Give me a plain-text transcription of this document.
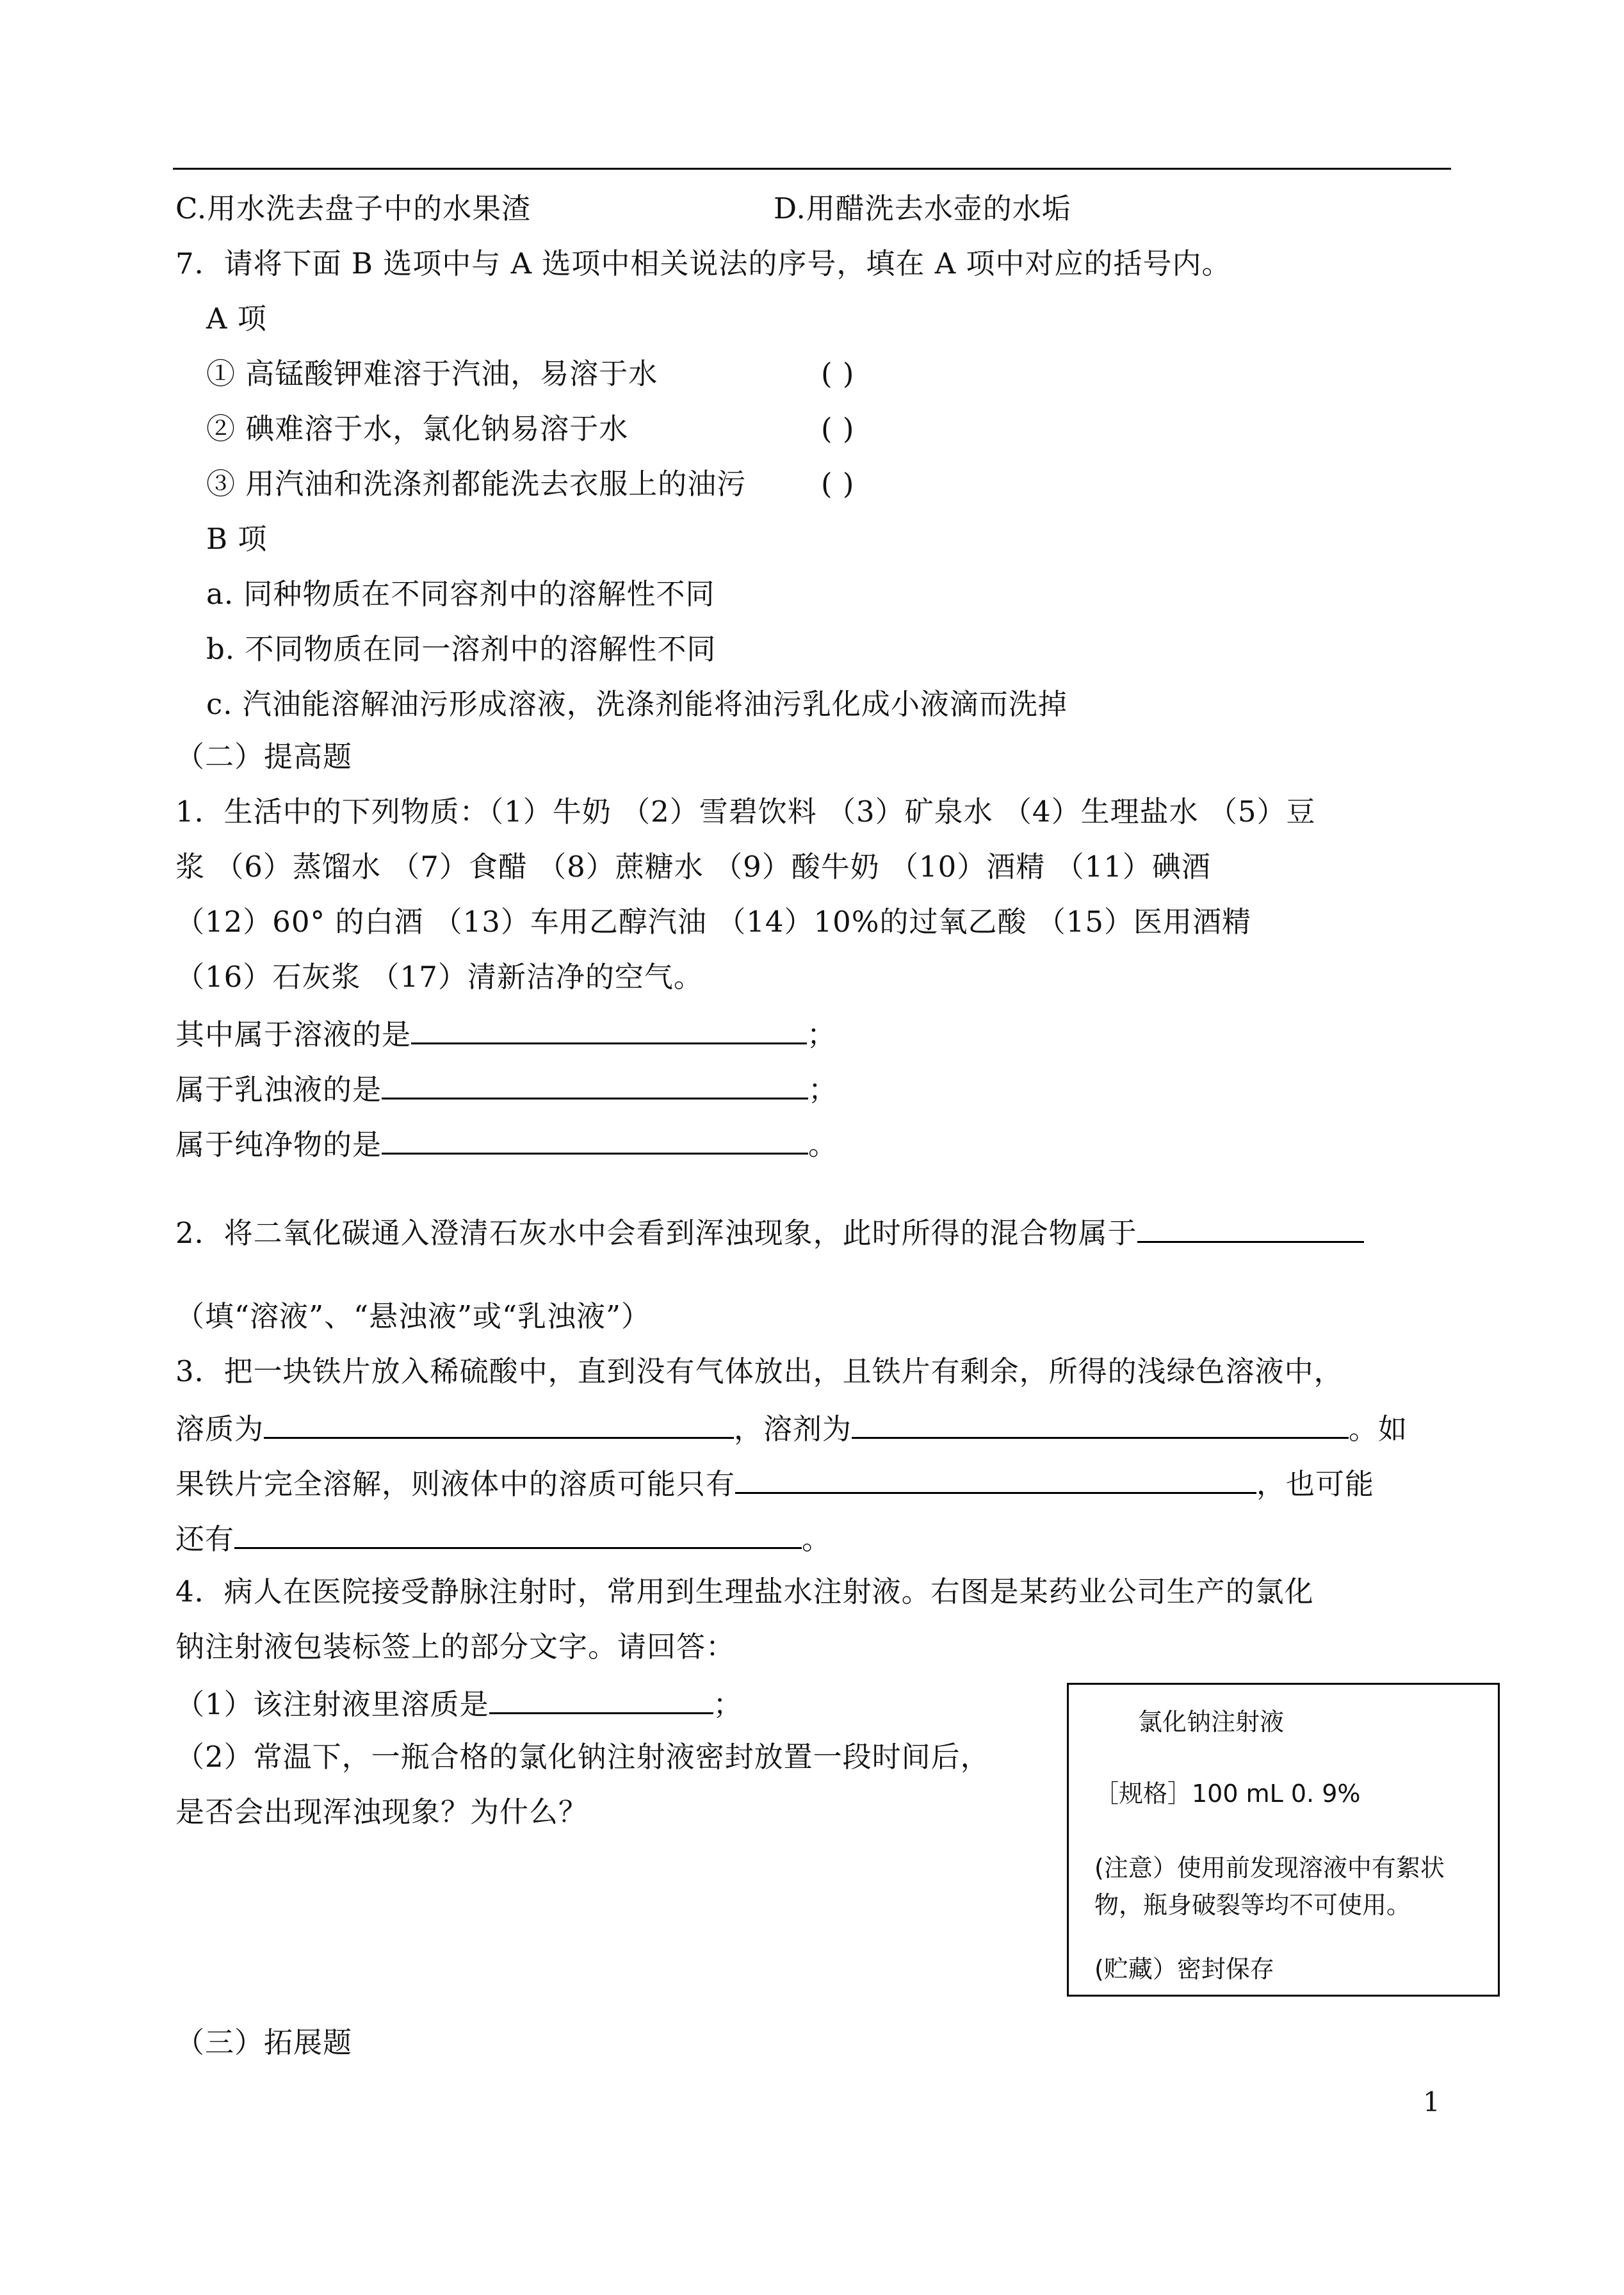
C.用水洗去盘子中的水果渣	D.用醋洗去水壶的水垢
7．请将下面 B 选项中与 A 选项中相关说法的序号，填在 A 项中对应的括号内。
A 项
① 高锰酸钾难溶于汽油，易溶于水	( )
② 碘难溶于水，氯化钠易溶于水	( )
③ 用汽油和洗涤剂都能洗去衣服上的油污	( )
B 项
a. 同种物质在不同容剂中的溶解性不同
b. 不同物质在同一溶剂中的溶解性不同
c. 汽油能溶解油污形成溶液，洗涤剂能将油污乳化成小液滴而洗掉
（二）提高题
1．生活中的下列物质：（1）牛奶 （2）雪碧饮料 （3）矿泉水 （4）生理盐水 （5）豆
浆 （6）蒸馏水 （7）食醋 （8）蔗糖水 （9）酸牛奶 （10）酒精 （11）碘酒
（12）60° 的白酒 （13）车用乙醇汽油 （14）10%的过氧乙酸 （15）医用酒精
（16）石灰浆 （17）清新洁净的空气。
其中属于溶液的是	；
属于乳浊液的是	；
属于纯净物的是	。
2．将二氧化碳通入澄清石灰水中会看到浑浊现象，此时所得的混合物属于
（填“溶液”、“悬浊液”或“乳浊液”）
3．把一块铁片放入稀硫酸中，直到没有气体放出，且铁片有剩余，所得的浅绿色溶液中，
溶质为	，溶剂为	。如
果铁片完全溶解，则液体中的溶质可能只有	，也可能
还有	。
4．病人在医院接受静脉注射时，常用到生理盐水注射液。右图是某药业公司生产的氯化
钠注射液包装标签上的部分文字。请回答：
（1）该注射液里溶质是	；
（2）常温下，一瓶合格的氯化钠注射液密封放置一段时间后，
是否会出现浑浊现象？为什么？
氯化钠注射液
［规格］100 mL 0. 9%
(注意）使用前发现溶液中有絮状
物，瓶身破裂等均不可使用。
(贮藏）密封保存
（三）拓展题
1
